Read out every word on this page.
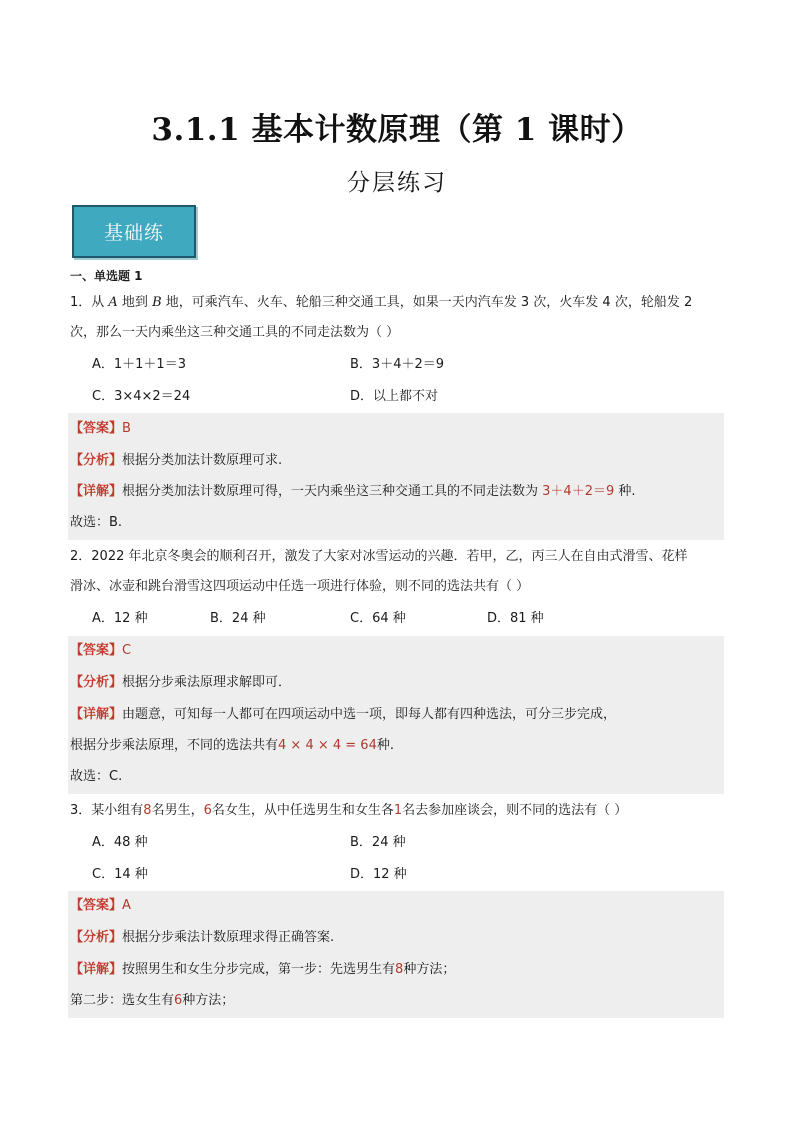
3.1.1 基本计数原理（第 1 课时）
分层练习
基础练
一、单选题 1
1．从 A 地到 B 地，可乘汽车、火车、轮船三种交通工具，如果一天内汽车发 3 次，火车发 4 次，轮船发 2
次，那么一天内乘坐这三种交通工具的不同走法数为（ ）
A．1＋1＋1＝3	B．3＋4＋2＝9
C．3×4×2＝24	D．以上都不对
【答案】B
【分析】根据分类加法计数原理可求.
【详解】根据分类加法计数原理可得，一天内乘坐这三种交通工具的不同走法数为 3＋4＋2＝9 种.
故选：B.
2．2022 年北京冬奥会的顺利召开，激发了大家对冰雪运动的兴趣．若甲，乙，丙三人在自由式滑雪、花样
滑冰、冰壶和跳台滑雪这四项运动中任选一项进行体验，则不同的选法共有（ ）
A．12 种	B．24 种	C．64 种	D．81 种
【答案】C
【分析】根据分步乘法原理求解即可．
【详解】由题意，可知每一人都可在四项运动中选一项，即每人都有四种选法，可分三步完成，
根据分步乘法原理，不同的选法共有4 × 4 × 4 = 64种.
故选：C.
3．某小组有8名男生，6名女生，从中任选男生和女生各1名去参加座谈会，则不同的选法有（ ）
A．48 种	B．24 种
C．14 种	D．12 种
【答案】A
【分析】根据分步乘法计数原理求得正确答案.
【详解】按照男生和女生分步完成，第一步：先选男生有8种方法；
第二步：选女生有6种方法；
